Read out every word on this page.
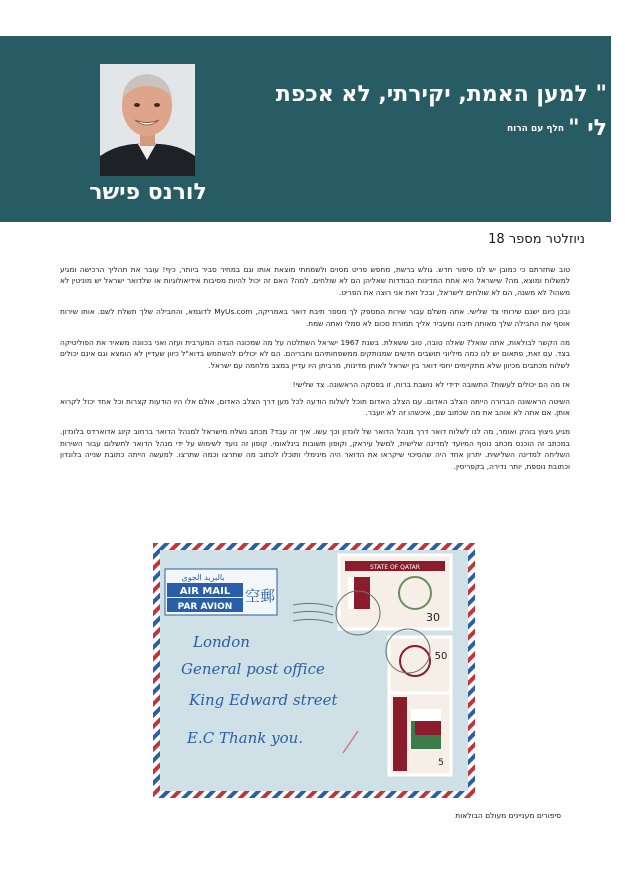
לורנס פישר
" למען האמת, יקירתי, לא אכפת
לי "חלף עם הרוח
ניוזלטר מספר 18

טוב שחזרתם כי כמובן יש לנו סיפור חדש. גולש ברשת, מחפש פריט מסוים ולשמחתי מוצאת אותו וגם במחיר סביר ביותר, כיף! עובר את תהליך הרכישה ומגיע למשלוח ומוצא, מה? שישראל היא אחת המדינות הבודדות שאליהן הם לא שולחים. למה? האם זה יכול להיות מסיבות אידיאולוגיות או שלדואר ישראל יש מוניטין לא משהו? לא משנה, הם לא שולחים לישראל, ובכל זאת אני רוצה את הפריט.

ובכן כיום ישנם שירותי צד שלישי. אתה משלם עבור שירות המספק לך מספר תיבת דואר באמריקה, MyUs.com לדוגמא, והחבילה שלך תשלח לשם. אותו שירות אוסף את החבילה שלך מאותה תיבה ומעביר אליך תמורת סכום לא סמלי ואתה שמח.

מה הקשר לבולאות, אתה שואל? שאלה טובה, טוב ששאלת. בשנת 1967 ישראל השתלטה על מה שמכונה הגדה המערבית ועזה ואני בכוונה משאיר את הפוליטיקה בצד. עם זאת, פתאום יש לנו כמה מיליוני תושבים חדשים שמנותקים ממשפחותיהם וחבריהם. הם לא יכולים להשתמש בדוא"ל כיוון שעדיין לא הומצא וגם אינם יכולים לשלוח מכתבים מכיוון שלא מתקיימים יחסי דואר בין ישראל לאותן מדינות, מרביתן היו עדיין במצב מלחמה עם ישראל.

אז מה הם יכולים לעשות? התשובה ידידי לא נושבת ברוח, זו בפסקה הראשונה. צד שלישי!

השיטה הראשונה הברורה הייתה הצלב האדום. עם הצלב האדום תוכל לשלוח הודעה לכל מען דרך הצלב האדום, אולם אלו היו הודעות קצרות וכל אחד יכול לקרוא אותן. אם אתה לא אוהב את מה שכתוב שם, איכשהו זה לא יועבר.

מגיע ניצוץ בוהק ואומר, מה לנו לשלוח דואר דרך מנהל הדואר של לונדון וכך עשו. איך זה עבד? מכתב נשלח מישראל למנהל הדואר ברחוב קינג אדוארדס בלונדון. במכתב זה הוכנס מכתב נוסף המיועד למדינה שלישית, למשל עיראק, וקופון תשובות בינלאומי. קופון זה נועד לשימוש על ידי מנהל הדואר לתשלום עבור השירות השליחה למדינה השלישית. יתרון אחד היה שהסיכוי שיקראו את הדואר היה מינימלי ותוכלו לכתוב מה שתרצו וכמה שתרצו. למעשה הייתה כתובת שנייה בלונדון וכתובת נוספת, יותר נדירה, בקפריסין.

بالبريد الجوي
AIR MAIL
PAR AVION
空郵
STATE OF QATAR
30
50
5
London
General post office
King Edward street
E.C Thank you.
סיפורים מעניינים מעולם הבולאות
